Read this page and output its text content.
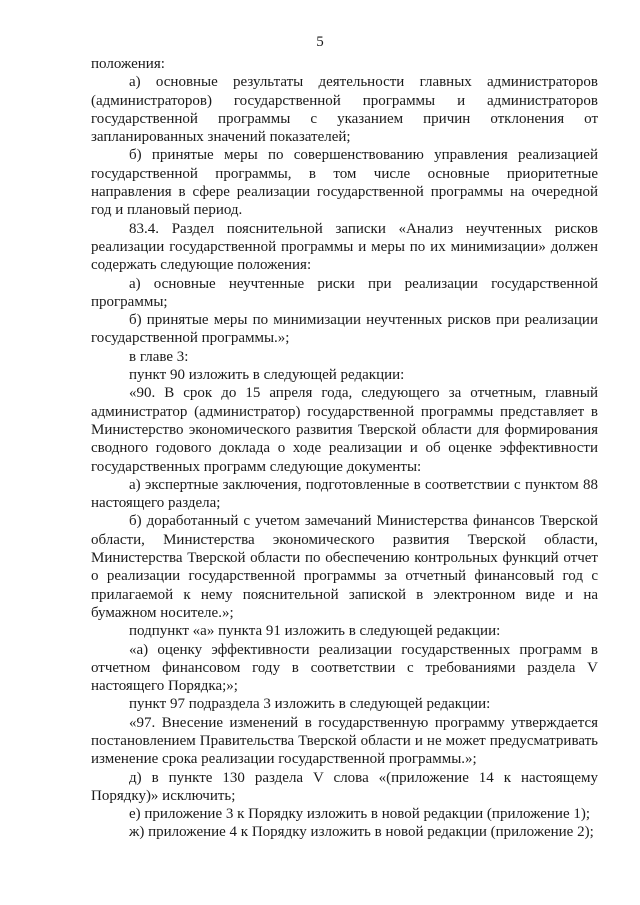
5

положения:

а) основные результаты деятельности главных администраторов (администраторов) государственной программы и администраторов государственной программы с указанием причин отклонения от запланированных значений показателей;

б) принятые меры по совершенствованию управления реализацией государственной программы, в том числе основные приоритетные направления в сфере реализации государственной программы на очередной год и плановый период.

83.4. Раздел пояснительной записки «Анализ неучтенных рисков реализации государственной программы и меры по их минимизации» должен содержать следующие положения:

а) основные неучтенные риски при реализации государственной программы;

б) принятые меры по минимизации неучтенных рисков при реализации государственной программы.»;

в главе 3:

пункт 90 изложить в следующей редакции:

«90. В срок до 15 апреля года, следующего за отчетным, главный администратор (администратор) государственной программы представляет в Министерство экономического развития Тверской области для формирования сводного годового доклада о ходе реализации и об оценке эффективности государственных программ следующие документы:

а) экспертные заключения, подготовленные в соответствии с пунктом 88 настоящего раздела;

б) доработанный с учетом замечаний Министерства финансов Тверской области, Министерства экономического развития Тверской области, Министерства Тверской области по обеспечению контрольных функций отчет о реализации государственной программы за отчетный финансовый год с прилагаемой к нему пояснительной запиской в электронном виде и на бумажном носителе.»;

подпункт «а» пункта 91 изложить в следующей редакции:

«а) оценку эффективности реализации государственных программ в отчетном финансовом году в соответствии с требованиями раздела V настоящего Порядка;»;

пункт 97 подраздела 3 изложить в следующей редакции:

«97. Внесение изменений в государственную программу утверждается постановлением Правительства Тверской области и не может предусматривать изменение срока реализации государственной программы.»;

д) в пункте 130 раздела V слова «(приложение 14 к настоящему Порядку)» исключить;

е) приложение 3 к Порядку изложить в новой редакции (приложение 1);

ж) приложение 4 к Порядку изложить в новой редакции (приложение 2);
